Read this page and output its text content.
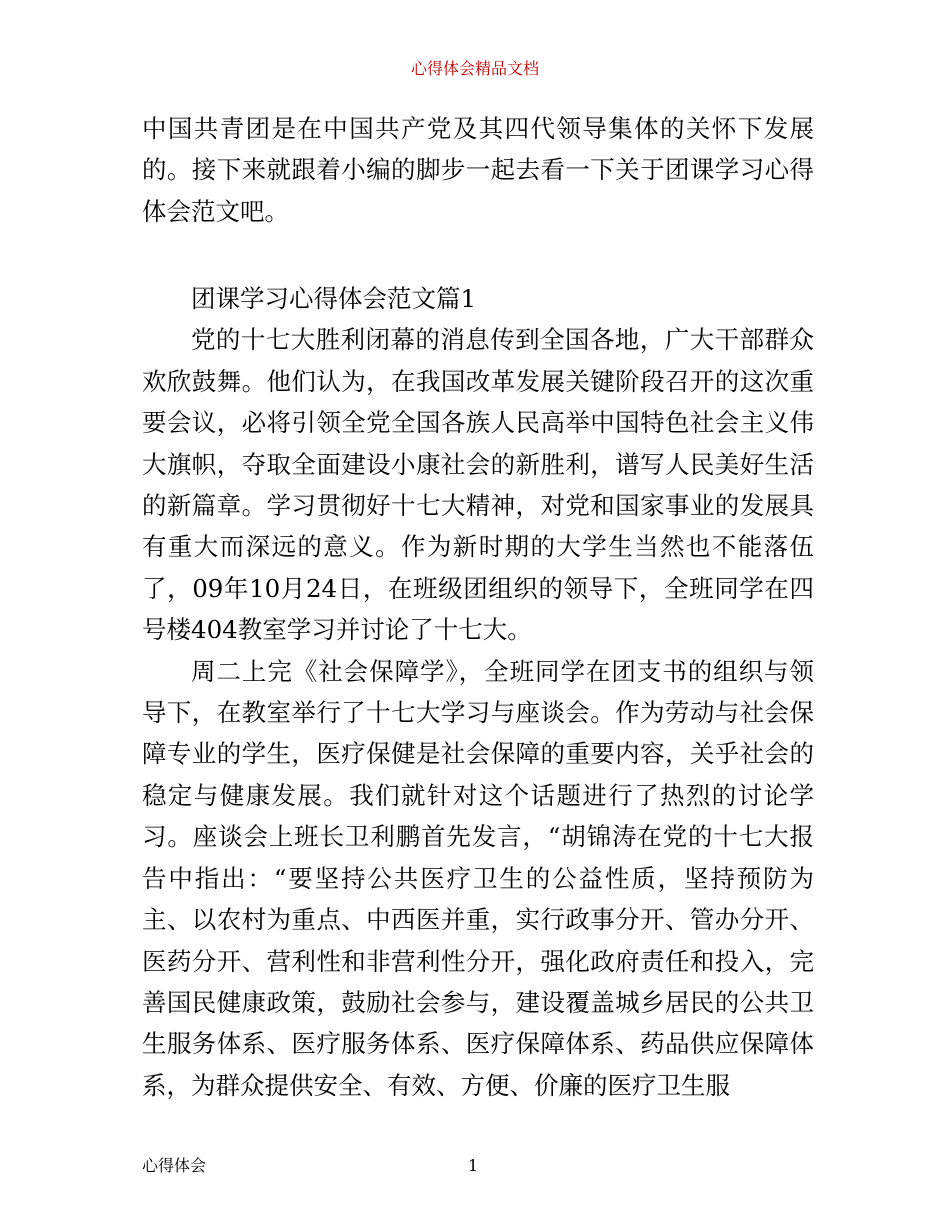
心得体会精品文档

中国共青团是在中国共产党及其四代领导集体的关怀下发展的。接下来就跟着小编的脚步一起去看一下关于团课学习心得体会范文吧。

团课学习心得体会范文篇1

党的十七大胜利闭幕的消息传到全国各地，广大干部群众欢欣鼓舞。他们认为，在我国改革发展关键阶段召开的这次重要会议，必将引领全党全国各族人民高举中国特色社会主义伟大旗帜，夺取全面建设小康社会的新胜利，谱写人民美好生活的新篇章。学习贯彻好十七大精神，对党和国家事业的发展具有重大而深远的意义。作为新时期的大学生当然也不能落伍了，09年10月24日，在班级团组织的领导下，全班同学在四号楼404教室学习并讨论了十七大。

周二上完《社会保障学》，全班同学在团支书的组织与领导下，在教室举行了十七大学习与座谈会。作为劳动与社会保障专业的学生，医疗保健是社会保障的重要内容，关乎社会的稳定与健康发展。我们就针对这个话题进行了热烈的讨论学习。座谈会上班长卫利鹏首先发言，“胡锦涛在党的十七大报告中指出：“要坚持公共医疗卫生的公益性质，坚持预防为主、以农村为重点、中西医并重，实行政事分开、管办分开、医药分开、营利性和非营利性分开，强化政府责任和投入，完善国民健康政策，鼓励社会参与，建设覆盖城乡居民的公共卫生服务体系、医疗服务体系、医疗保障体系、药品供应保障体系，为群众提供安全、有效、方便、价廉的医疗卫生服

心得体会	1
